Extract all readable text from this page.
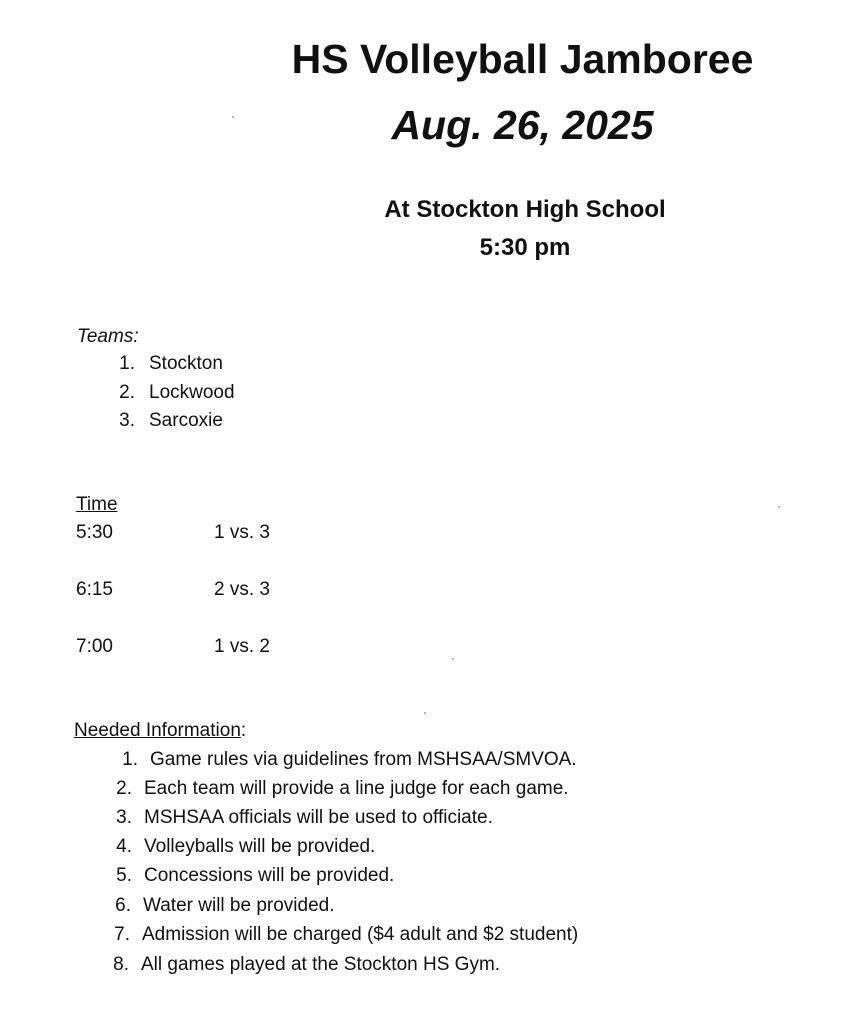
HS Volleyball Jamboree
Aug. 26, 2025
At Stockton High School
5:30 pm
Teams:
1. Stockton
2. Lockwood
3. Sarcoxie
Time
5:30	1 vs. 3
6:15	2 vs. 3
7:00	1 vs. 2
Needed Information:
1. Game rules via guidelines from MSHSAA/SMVOA.
2. Each team will provide a line judge for each game.
3. MSHSAA officials will be used to officiate.
4. Volleyballs will be provided.
5. Concessions will be provided.
6. Water will be provided.
7. Admission will be charged ($4 adult and $2 student)
8. All games played at the Stockton HS Gym.
